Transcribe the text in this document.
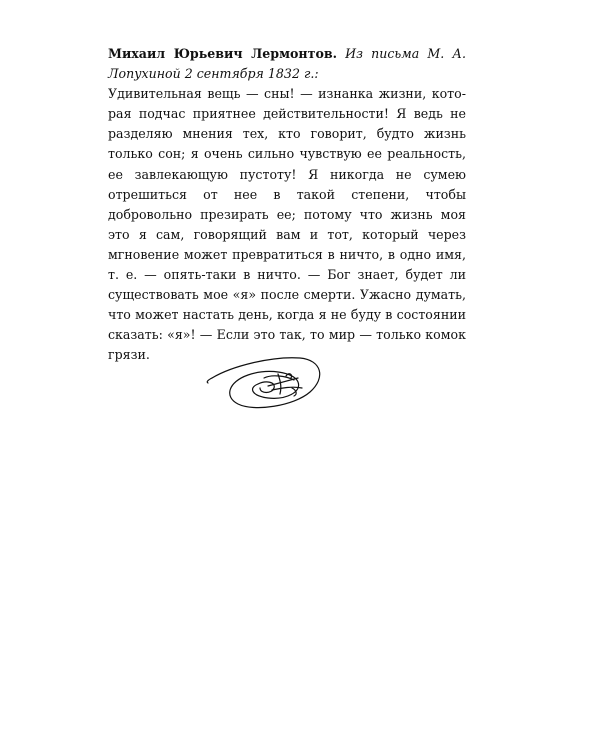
Михаил Юрьевич Лермонтов. Из письма М. А. Лопухиной 2 сентября 1832 г.:

Удивительная вещь — сны! — изнанка жизни, которая подчас приятнее действительности! Я ведь не разделяю мнения тех, кто говорит, будто жизнь только сон; я очень сильно чувствую ее реальность, ее завлекающую пустоту! Я никогда не сумею отрешиться от нее в такой степени, чтобы добровольно презирать ее; потому что жизнь моя это я сам, говорящий вам и тот, который через мгновение может превратиться в ничто, в одно имя, т. е. — опять-таки в ничто. — Бог знает, будет ли существовать мое «я» после смерти. Ужасно думать, что может настать день, когда я не буду в состоянии сказать: «я»! — Если это так, то мир — только комок грязи.
